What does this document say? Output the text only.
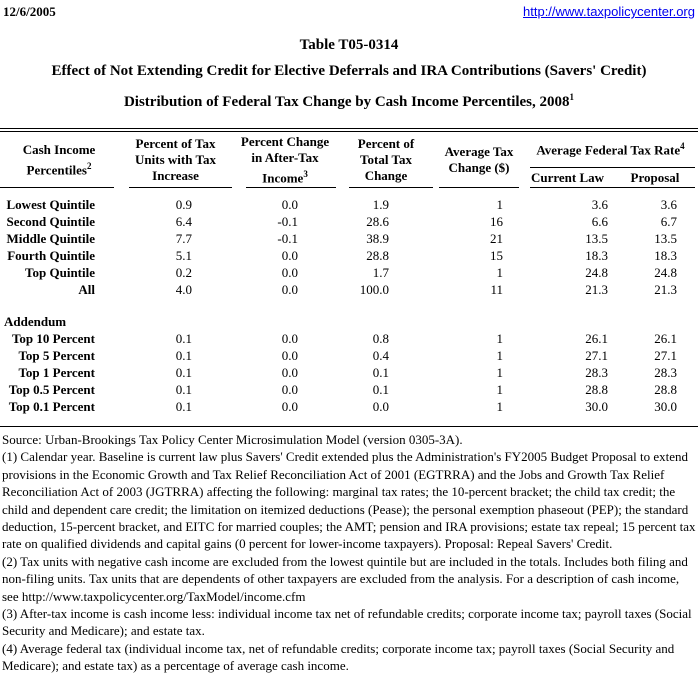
12/6/2005	http://www.taxpolicycenter.org
Table T05-0314
Effect of Not Extending Credit for Elective Deferrals and IRA Contributions (Savers' Credit)
Distribution of Federal Tax Change by Cash Income Percentiles, 2008$^1$
Cash Income
Percentiles$^2$

Percent of Tax
Units with Tax
Increase

Percent Change
in After-Tax
Income$^3$

Percent of
Total Tax
Change

Average Tax
Change ($)
	Average Federal Tax Rate$^4$

					Current Law	Proposal

Lowest Quintile	0.9	0.0	1.9	1	3.6	3.6
Second Quintile	6.4	-0.1	28.6	16	6.6	6.7
Middle Quintile	7.7	-0.1	38.9	21	13.5	13.5
Fourth Quintile	5.1	0.0	28.8	15	18.3	18.3
Top Quintile	0.2	0.0	1.7	1	24.8	24.8
All	4.0	0.0	100.0	11	21.3	21.3

Addendum						
Top 10 Percent	0.1	0.0	0.8	1	26.1	26.1
Top 5 Percent	0.1	0.0	0.4	1	27.1	27.1
Top 1 Percent	0.1	0.0	0.1	1	28.3	28.3
Top 0.5 Percent	0.1	0.0	0.1	1	28.8	28.8
Top 0.1 Percent	0.1	0.0	0.0	1	30.0	30.0

Source: Urban-Brookings Tax Policy Center Microsimulation Model (version 0305-3A).

(1) Calendar year. Baseline is current law plus Savers' Credit extended plus the Administration's FY2005 Budget Proposal to extend provisions in the Economic Growth and Tax Relief Reconciliation Act of 2001 (EGTRRA) and the Jobs and Growth Tax Relief Reconciliation Act of 2003 (JGTRRA) affecting the following: marginal tax rates; the 10-percent bracket; the child tax credit; the child and dependent care credit; the limitation on itemized deductions (Pease); the personal exemption phaseout (PEP); the standard deduction, 15-percent bracket, and EITC for married couples; the AMT; pension and IRA provisions; estate tax repeal; 15 percent tax rate on qualified dividends and capital gains (0 percent for lower-income taxpayers). Proposal: Repeal Savers' Credit.

(2) Tax units with negative cash income are excluded from the lowest quintile but are included in the totals. Includes both filing and non-filing units. Tax units that are dependents of other taxpayers are excluded from the analysis. For a description of cash income, see http://www.taxpolicycenter.org/TaxModel/income.cfm

(3) After-tax income is cash income less: individual income tax net of refundable credits; corporate income tax; payroll taxes (Social Security and Medicare); and estate tax.

(4) Average federal tax (individual income tax, net of refundable credits; corporate income tax; payroll taxes (Social Security and Medicare); and estate tax) as a percentage of average cash income.
